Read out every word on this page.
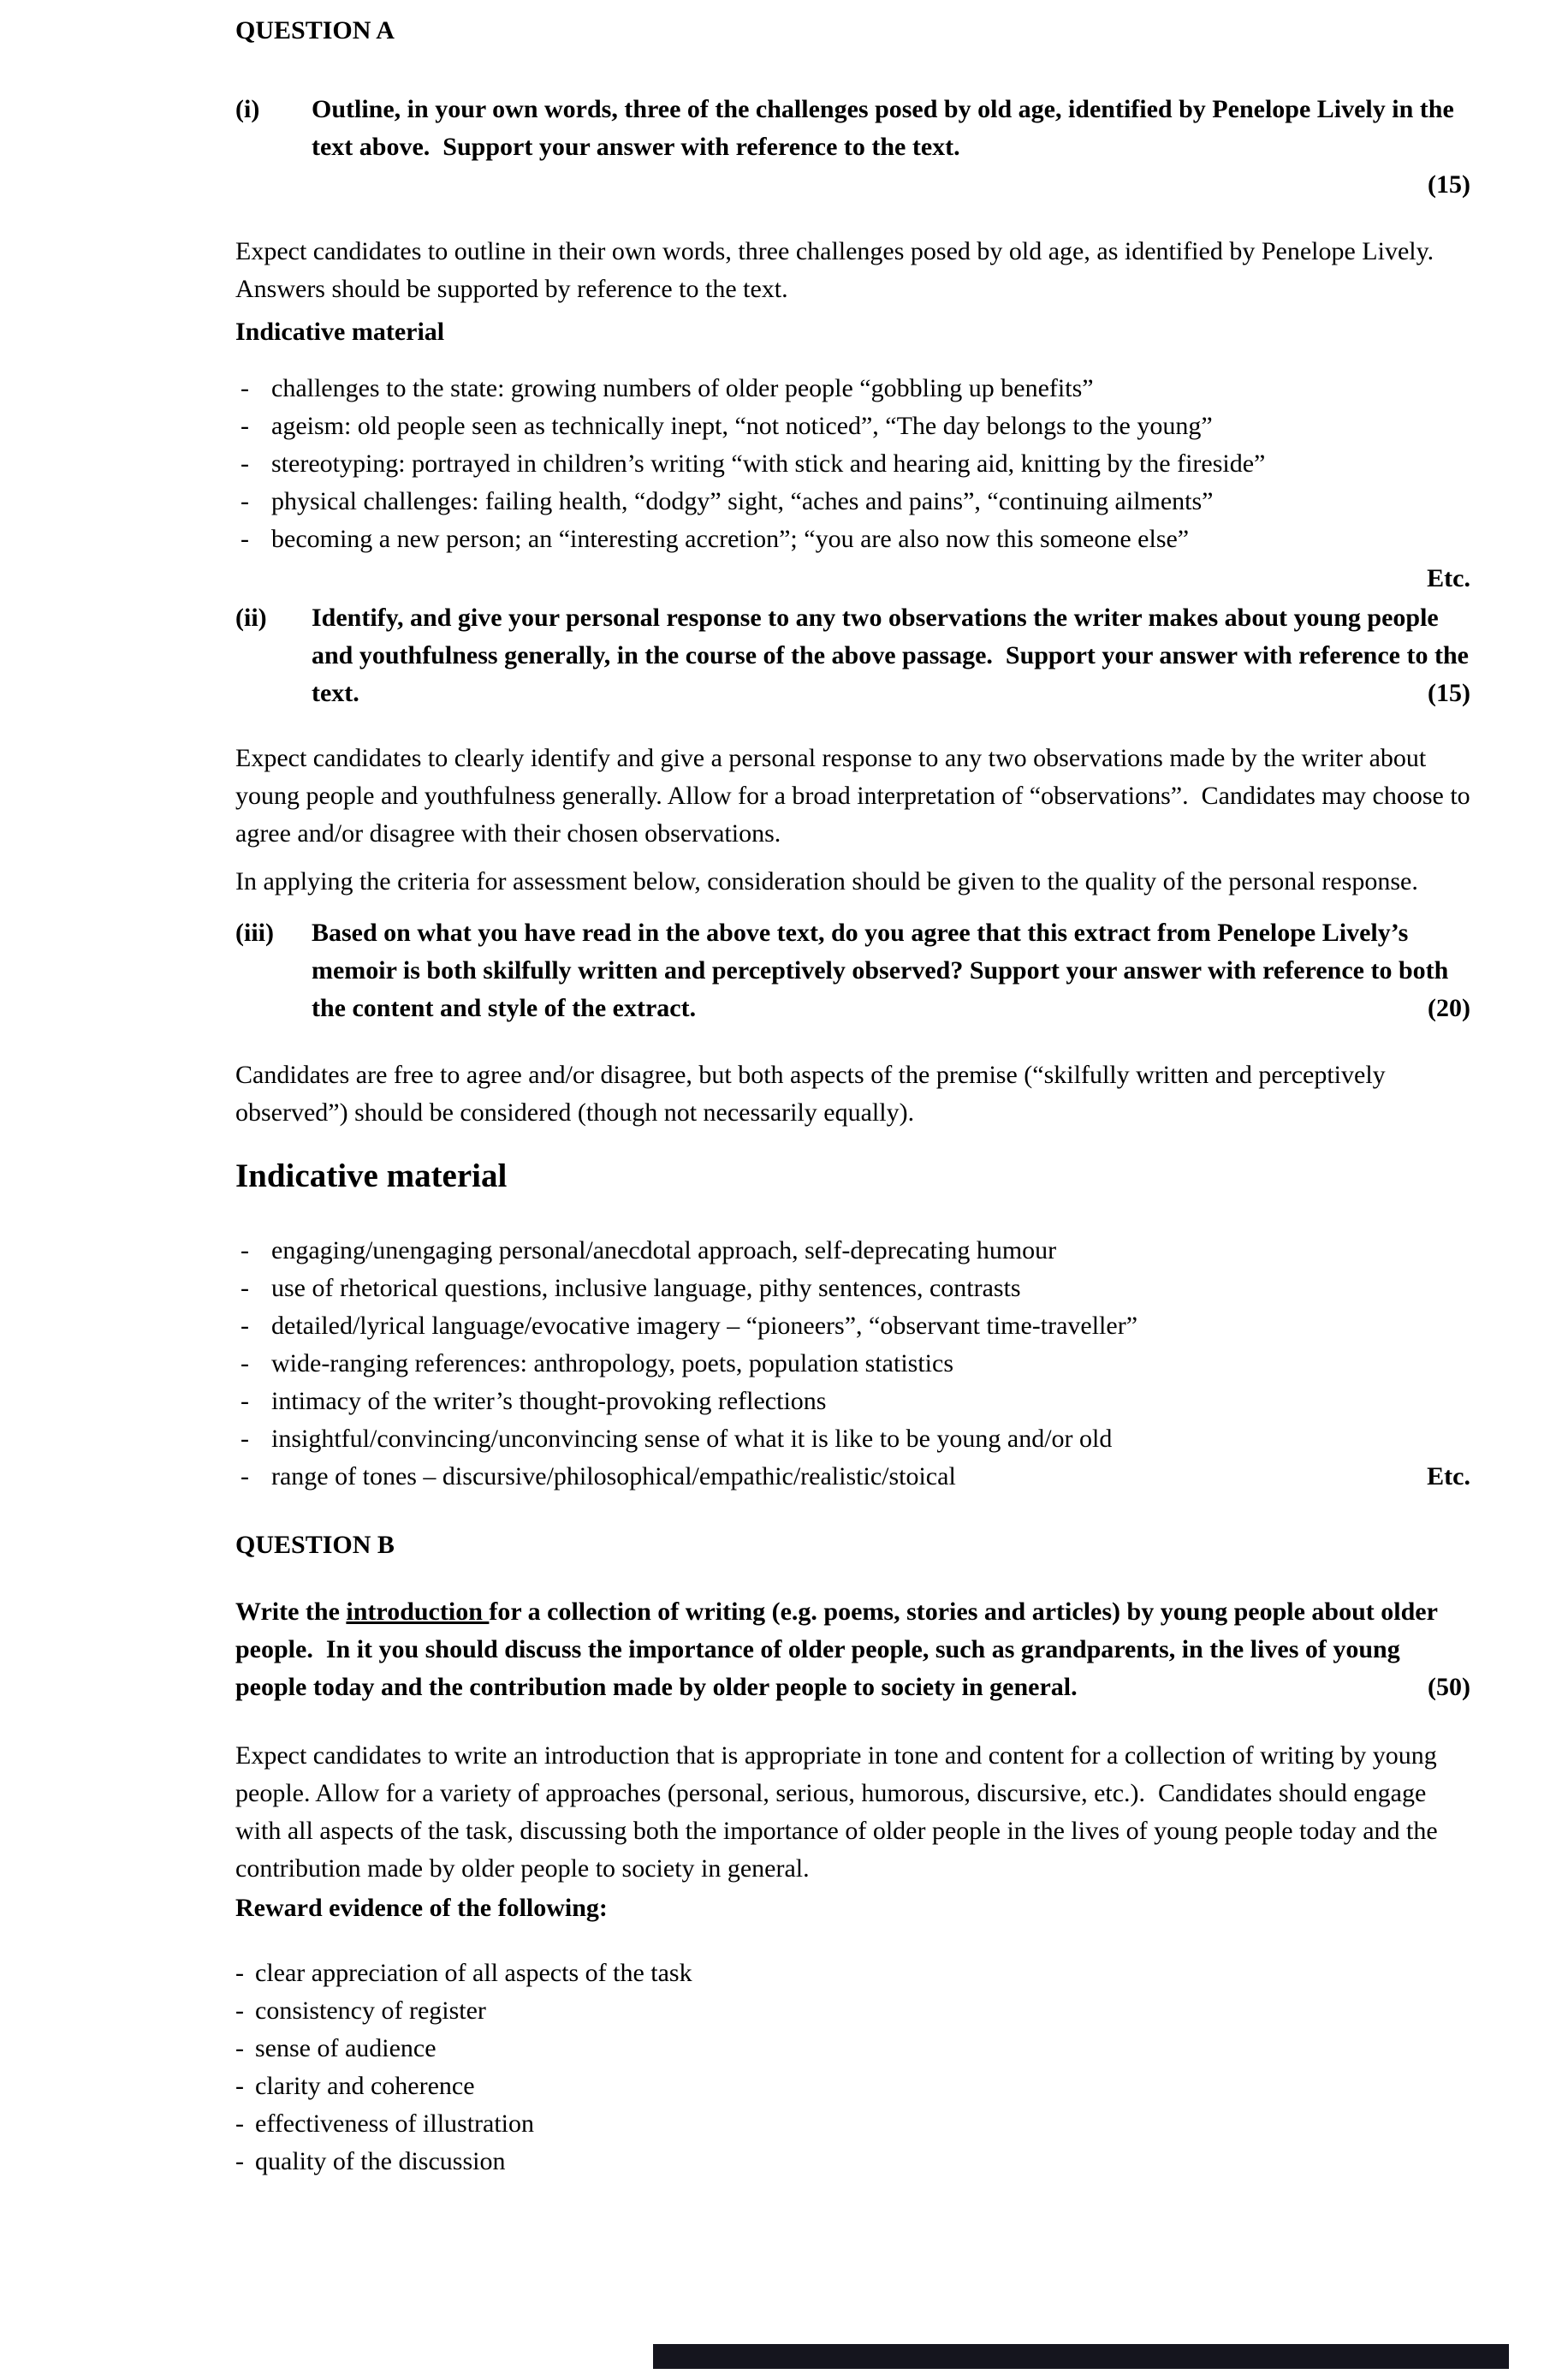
QUESTION A
(i)	Outline, in your own words, three of the challenges posed by old age, identified by Penelope Lively in the text above.  Support your answer with reference to the text.
(15)
Expect candidates to outline in their own words, three challenges posed by old age, as identified by Penelope Lively. Answers should be supported by reference to the text.
Indicative material
- challenges to the state: growing numbers of older people “gobbling up benefits”
- ageism: old people seen as technically inept, “not noticed”, “The day belongs to the young”
- stereotyping: portrayed in children’s writing “with stick and hearing aid, knitting by the fireside”
- physical challenges: failing health, “dodgy” sight, “aches and pains”, “continuing ailments”
- becoming a new person; an “interesting accretion”; “you are also now this someone else”
Etc.
(ii)	Identify, and give your personal response to any two observations the writer makes about young people and youthfulness generally, in the course of the above passage.  Support your answer with reference to the text.	(15)
Expect candidates to clearly identify and give a personal response to any two observations made by the writer about young people and youthfulness generally. Allow for a broad interpretation of “observations”.  Candidates may choose to agree and/or disagree with their chosen observations.
In applying the criteria for assessment below, consideration should be given to the quality of the personal response.
(iii)	Based on what you have read in the above text, do you agree that this extract from Penelope Lively’s memoir is both skilfully written and perceptively observed? Support your answer with reference to both the content and style of the extract.	(20)
Candidates are free to agree and/or disagree, but both aspects of the premise (“skilfully written and perceptively observed”) should be considered (though not necessarily equally).
Indicative material
- engaging/unengaging personal/anecdotal approach, self-deprecating humour
- use of rhetorical questions, inclusive language, pithy sentences, contrasts
- detailed/lyrical language/evocative imagery – “pioneers”, “observant time-traveller”
- wide-ranging references: anthropology, poets, population statistics
- intimacy of the writer’s thought-provoking reflections
- insightful/convincing/unconvincing sense of what it is like to be young and/or old
- range of tones – discursive/philosophical/empathic/realistic/stoical	Etc.
QUESTION B
Write the introduction for a collection of writing (e.g. poems, stories and articles) by young people about older people.  In it you should discuss the importance of older people, such as grandparents, in the lives of young people today and the contribution made by older people to society in general.	(50)
Expect candidates to write an introduction that is appropriate in tone and content for a collection of writing by young people. Allow for a variety of approaches (personal, serious, humorous, discursive, etc.).  Candidates should engage with all aspects of the task, discussing both the importance of older people in the lives of young people today and the contribution made by older people to society in general.
Reward evidence of the following:
- clear appreciation of all aspects of the task
- consistency of register
- sense of audience
- clarity and coherence
- effectiveness of illustration
- quality of the discussion
